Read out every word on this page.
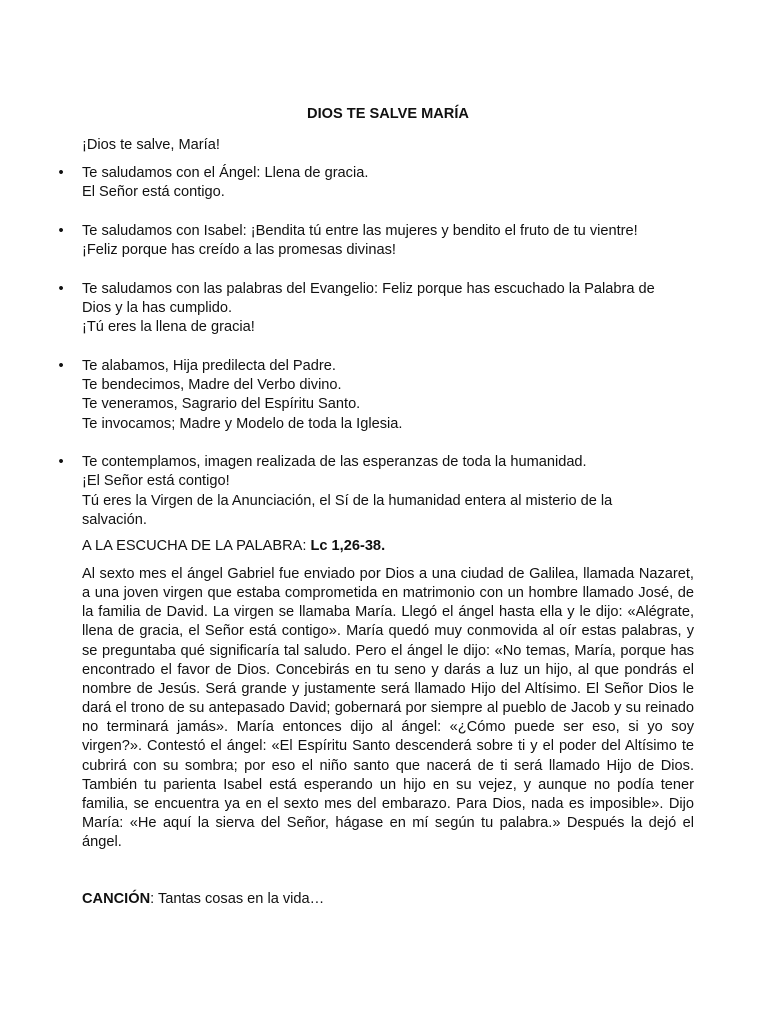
DIOS TE SALVE MARÍA
¡Dios te salve, María!
• Te saludamos con el Ángel: Llena de gracia.
El Señor está contigo.
• Te saludamos con Isabel: ¡Bendita tú entre las mujeres y bendito el fruto de tu vientre!
¡Feliz porque has creído a las promesas divinas!
• Te saludamos con las palabras del Evangelio: Feliz porque has escuchado la Palabra de
Dios y la has cumplido.
¡Tú eres la llena de gracia!
• Te alabamos, Hija predilecta del Padre.
Te bendecimos, Madre del Verbo divino.
Te veneramos, Sagrario del Espíritu Santo.
Te invocamos; Madre y Modelo de toda la Iglesia.
• Te contemplamos, imagen realizada de las esperanzas de toda la humanidad.
¡El Señor está contigo!
Tú eres la Virgen de la Anunciación, el Sí de la humanidad entera al misterio de la
salvación.
A LA ESCUCHA DE LA PALABRA: Lc 1,26-38.
Al sexto mes el ángel Gabriel fue enviado por Dios a una ciudad de Galilea, llamada Nazaret, a una joven virgen que estaba comprometida en matrimonio con un hombre llamado José, de la familia de David. La virgen se llamaba María. Llegó el ángel hasta ella y le dijo: «Alégrate, llena de gracia, el Señor está contigo». María quedó muy conmovida al oír estas palabras, y se preguntaba qué significaría tal saludo. Pero el ángel le dijo: «No temas, María, porque has encontrado el favor de Dios. Concebirás en tu seno y darás a luz un hijo, al que pondrás el nombre de Jesús. Será grande y justamente será llamado Hijo del Altísimo. El Señor Dios le dará el trono de su antepasado David; gobernará por siempre al pueblo de Jacob y su reinado no terminará jamás». María entonces dijo al ángel: «¿Cómo puede ser eso, si yo soy virgen?». Contestó el ángel: «El Espíritu Santo descenderá sobre ti y el poder del Altísimo te cubrirá con su sombra; por eso el niño santo que nacerá de ti será llamado Hijo de Dios. También tu parienta Isabel está esperando un hijo en su vejez, y aunque no podía tener familia, se encuentra ya en el sexto mes del embarazo. Para Dios, nada es imposible». Dijo María: «He aquí la sierva del Señor, hágase en mí según tu palabra.» Después la dejó el ángel.
CANCIÓN: Tantas cosas en la vida…
